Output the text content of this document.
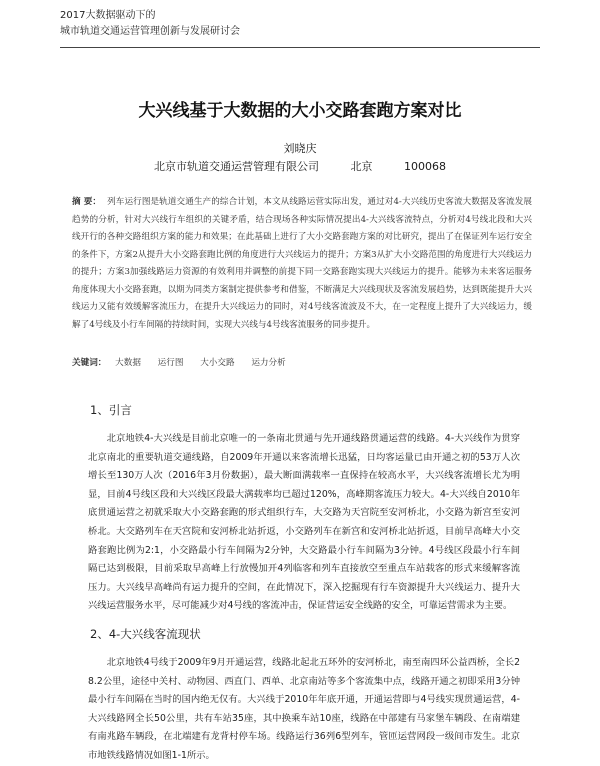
2017大数据驱动下的
城市轨道交通运营管理创新与发展研讨会
大兴线基于大数据的大小交路套跑方案对比
刘晓庆
北京市轨道交通运营管理有限公司	北京	100068
摘 要： 列车运行图是轨道交通生产的综合计划，本文从线路运营实际出发，通过对4-大兴线历史客流大数据及客流发展趋势的分析，针对大兴线行车组织的关键矛盾，结合现场各种实际情况提出4-大兴线客流特点，分析对4号线北段和大兴线开行的各种交路组织方案的能力和效果；在此基础上进行了大小交路套跑方案的对比研究，提出了在保证列车运行安全的条件下，方案2从提升大小交路套跑比例的角度进行大兴线运力的提升；方案3从扩大小交路范围的角度进行大兴线运力的提升；方案3加强线路运力资源的有效利用并调整的前提下同一交路套跑实现大兴线运力的提升。能够为未来客运服务角度体现大小交路套跑，以期为同类方案制定提供参考和借鉴，不断满足大兴线现状及客流发展趋势，达到既能提升大兴线运力又能有效缓解客流压力，在提升大兴线运力的同时，对4号线客流波及不大，在一定程度上提升了大兴线运力，缓解了4号线及小行车间隔的持续时间，实现大兴线与4号线客流服务的同步提升。
关键词： 大数据 运行图 大小交路 运力分析
1、引言
北京地铁4-大兴线是目前北京唯一的一条南北贯通与先开通线路贯通运营的线路。4-大兴线作为贯穿北京南北的重要轨道交通线路，自2009年开通以来客流增长迅猛，日均客运量已由开通之初的53万人次增长至130万人次（2016年3月份数据），最大断面满载率一直保持在较高水平，大兴线客流增长尤为明显，目前4号线区段和大兴线区段最大满载率均已超过120%，高峰期客流压力较大。4-大兴线自2010年底贯通运营之初就采取大小交路套跑的形式组织行车，大交路为天宫院至安河桥北，小交路为新宫至安河桥北。大交路列车在天宫院和安河桥北站折返，小交路列车在新宫和安河桥北站折返，目前早高峰大小交路套跑比例为2:1，小交路最小行车间隔为2分钟，大交路最小行车间隔为3分钟。4号线区段最小行车间隔已达到极限，目前采取早高峰上行放慢加开4列临客和列车直接放空至重点车站载客的形式来缓解客流压力。大兴线早高峰尚有运力提升的空间，在此情况下，深入挖掘现有行车资源提升大兴线运力、提升大兴线运营服务水平，尽可能减少对4号线的客流冲击，保证营运安全线路的安全，可靠运营需求为主要。
2、4-大兴线客流现状
北京地铁4号线于2009年9月开通运营，线路北起北五环外的安河桥北，南至南四环公益西桥，全长28.2公里，途径中关村、动物园、西直门、西单、北京南站等多个客流集中点，线路开通之初即采用3分钟最小行车间隔在当时的国内绝无仅有。大兴线于2010年年底开通，开通运营即与4号线实现贯通运营，4-大兴线路网全长50公里，共有车站35座，其中换乘车站10座，线路在中部建有马家堡车辆段、在南端建有南兆路车辆段，在北端建有龙背村停车场。线路运行36列6型列车，管匝运营网段一级间市发生。北京市地铁线路情况如图1-1所示。
